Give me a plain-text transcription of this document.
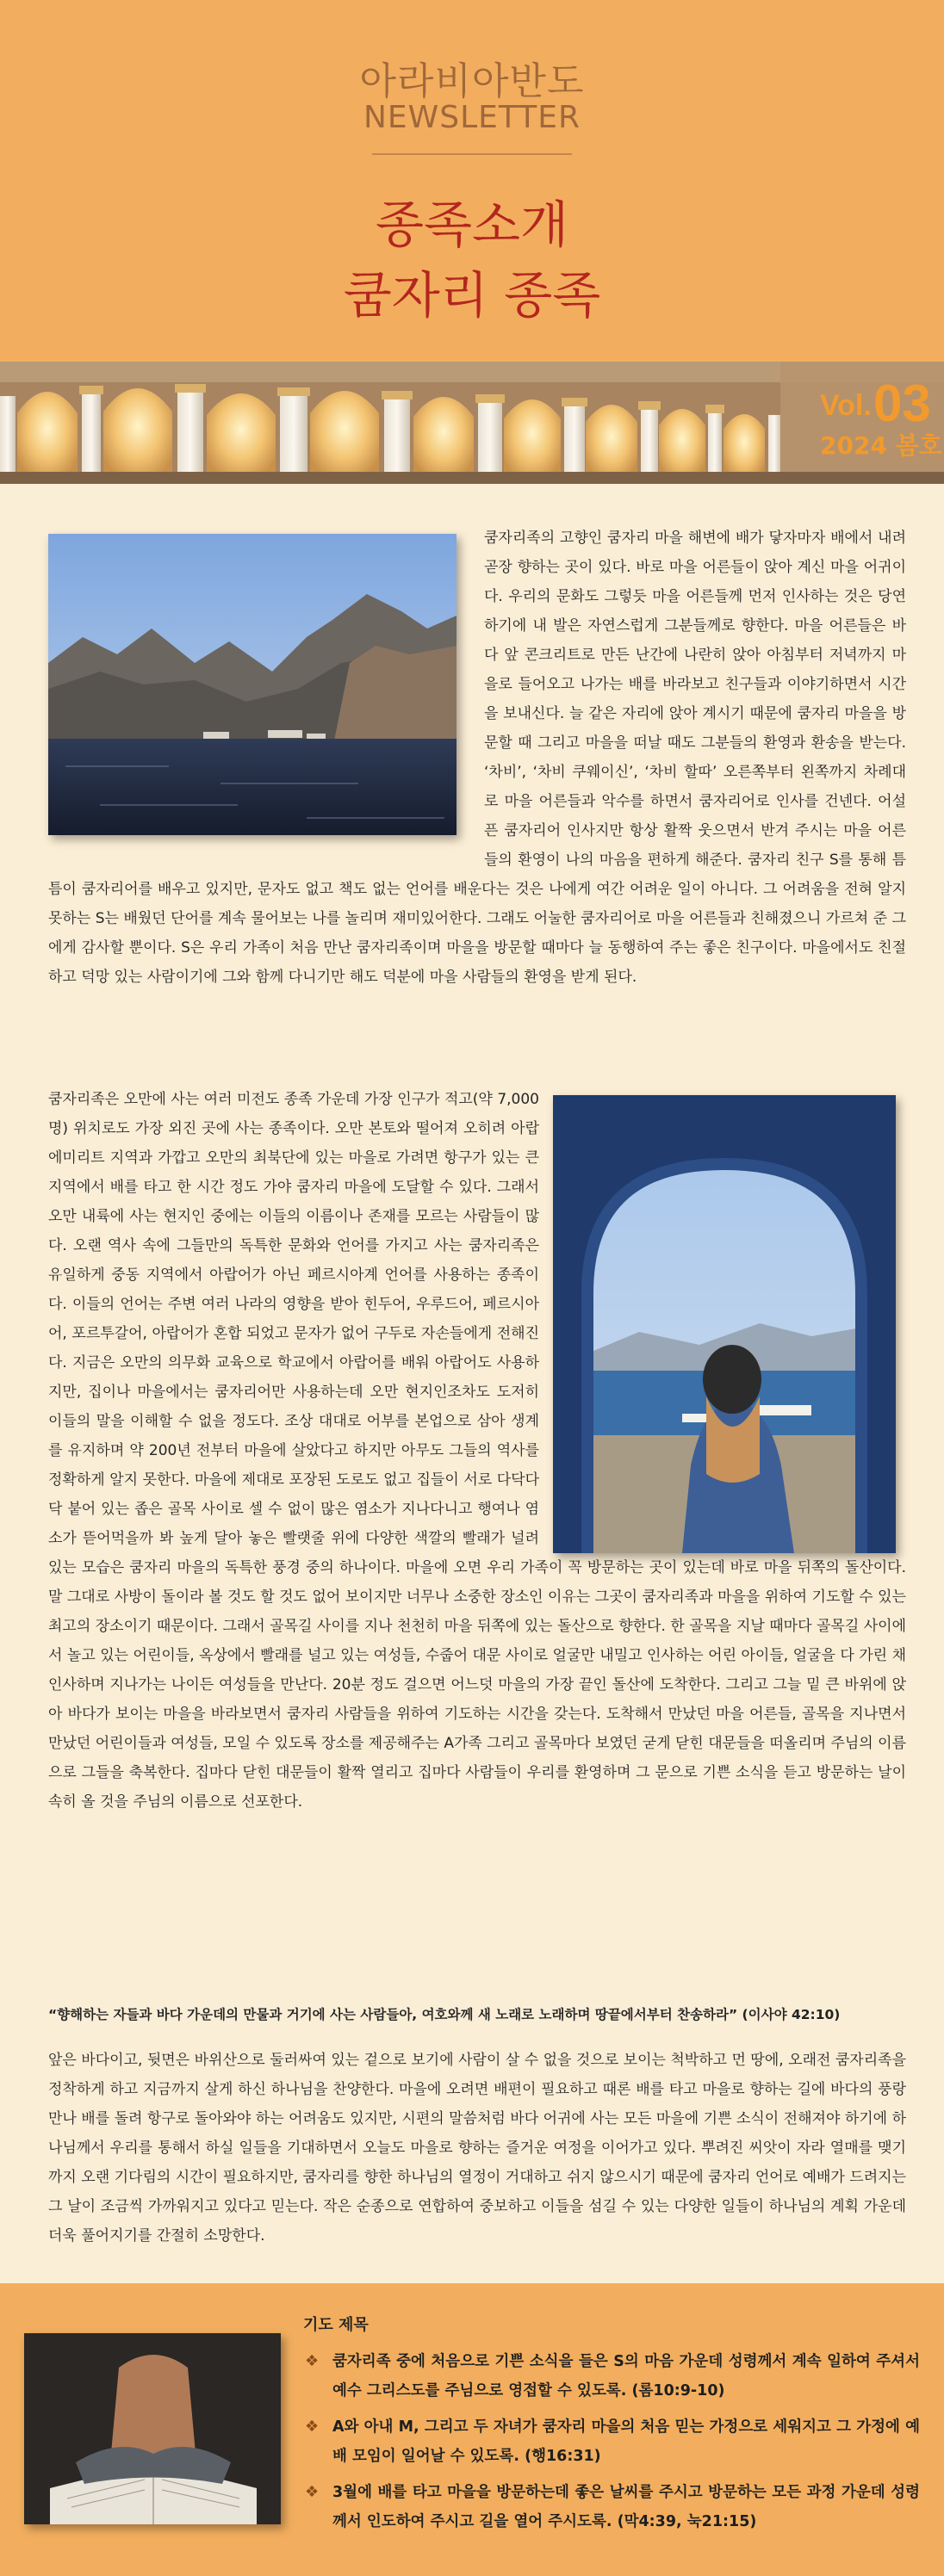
아라비아반도
NEWSLETTER
종족소개
쿰자리 종족
Vol. 03
2024 봄호

쿰자리족의 고향인 쿰자리 마을 해변에 배가 닿자마자 배에서 내려 곧장 향하는 곳이 있다. 바로 마을 어른들이 앉아 계신 마을 어귀이다. 우리의 문화도 그렇듯 마을 어른들께 먼저 인사하는 것은 당연하기에 내 발은 자연스럽게 그분들께로 향한다. 마을 어른들은 바다 앞 콘크리트로 만든 난간에 나란히 앉아 아침부터 저녁까지 마을로 들어오고 나가는 배를 바라보고 친구들과 이야기하면서 시간을 보내신다. 늘 같은 자리에 앉아 계시기 때문에 쿰자리 마을을 방문할 때 그리고 마을을 떠날 때도 그분들의 환영과 환송을 받는다. ‘차비’, ‘차비 쿠웨이신’, ‘차비 할따’ 오른쪽부터 왼쪽까지 차례대로 마을 어른들과 악수를 하면서 쿰자리어로 인사를 건넨다. 어설픈 쿰자리어 인사지만 항상 활짝 웃으면서 반겨 주시는 마을 어른들의 환영이 나의 마음을 편하게 해준다. 쿰자리 친구 S를 통해 틈틈이 쿰자리어를 배우고 있지만, 문자도 없고 책도 없는 언어를 배운다는 것은 나에게 여간 어려운 일이 아니다. 그 어려움을 전혀 알지 못하는 S는 배웠던 단어를 계속 물어보는 나를 놀리며 재미있어한다. 그래도 어눌한 쿰자리어로 마을 어른들과 친해졌으니 가르쳐 준 그에게 감사할 뿐이다. S은 우리 가족이 처음 만난 쿰자리족이며 마을을 방문할 때마다 늘 동행하여 주는 좋은 친구이다. 마을에서도 친절하고 덕망 있는 사람이기에 그와 함께 다니기만 해도 덕분에 마을 사람들의 환영을 받게 된다.

쿰자리족은 오만에 사는 여러 미전도 종족 가운데 가장 인구가 적고(약 7,000명) 위치로도 가장 외진 곳에 사는 종족이다. 오만 본토와 떨어져 오히려 아랍에미리트 지역과 가깝고 오만의 최북단에 있는 마을로 가려면 항구가 있는 큰 지역에서 배를 타고 한 시간 정도 가야 쿰자리 마을에 도달할 수 있다. 그래서 오만 내륙에 사는 현지인 중에는 이들의 이름이나 존재를 모르는 사람들이 많다. 오랜 역사 속에 그들만의 독특한 문화와 언어를 가지고 사는 쿰자리족은 유일하게 중동 지역에서 아랍어가 아닌 페르시아계 언어를 사용하는 종족이다. 이들의 언어는 주변 여러 나라의 영향을 받아 힌두어, 우루드어, 페르시아어, 포르투갈어, 아랍어가 혼합 되었고 문자가 없어 구두로 자손들에게 전해진다. 지금은 오만의 의무화 교육으로 학교에서 아랍어를 배워 아랍어도 사용하지만, 집이나 마을에서는 쿰자리어만 사용하는데 오만 현지인조차도 도저히 이들의 말을 이해할 수 없을 정도다. 조상 대대로 어부를 본업으로 삼아 생계를 유지하며 약 200년 전부터 마을에 살았다고 하지만 아무도 그들의 역사를 정확하게 알지 못한다. 마을에 제대로 포장된 도로도 없고 집들이 서로 다닥다닥 붙어 있는 좁은 골목 사이로 셀 수 없이 많은 염소가 지나다니고 행여나 염소가 뜯어먹을까 봐 높게 달아 놓은 빨랫줄 위에 다양한 색깔의 빨래가 널려 있는 모습은 쿰자리 마을의 독특한 풍경 중의 하나이다. 마을에 오면 우리 가족이 꼭 방문하는 곳이 있는데 바로 마을 뒤쪽의 돌산이다. 말 그대로 사방이 돌이라 볼 것도 할 것도 없어 보이지만 너무나 소중한 장소인 이유는 그곳이 쿰자리족과 마을을 위하여 기도할 수 있는 최고의 장소이기 때문이다. 그래서 골목길 사이를 지나 천천히 마을 뒤쪽에 있는 돌산으로 향한다. 한 골목을 지날 때마다 골목길 사이에서 놀고 있는 어린이들, 옥상에서 빨래를 널고 있는 여성들, 수줍어 대문 사이로 얼굴만 내밀고 인사하는 어린 아이들, 얼굴을 다 가린 채 인사하며 지나가는 나이든 여성들을 만난다. 20분 정도 걸으면 어느덧 마을의 가장 끝인 돌산에 도착한다. 그리고 그늘 밑 큰 바위에 앉아 바다가 보이는 마을을 바라보면서 쿰자리 사람들을 위하여 기도하는 시간을 갖는다. 도착해서 만났던 마을 어른들, 골목을 지나면서 만났던 어린이들과 여성들, 모일 수 있도록 장소를 제공해주는 A가족 그리고 골목마다 보였던 굳게 닫힌 대문들을 떠올리며 주님의 이름으로 그들을 축복한다. 집마다 닫힌 대문들이 활짝 열리고 집마다 사람들이 우리를 환영하며 그 문으로 기쁜 소식을 듣고 방문하는 날이 속히 올 것을 주님의 이름으로 선포한다.

“향해하는 자들과 바다 가운데의 만물과 거기에 사는 사람들아, 여호와께 새 노래로 노래하며 땅끝에서부터 찬송하라” (이사야 42:10)

앞은 바다이고, 뒷면은 바위산으로 둘러싸여 있는 겉으로 보기에 사람이 살 수 없을 것으로 보이는 척박하고 먼 땅에, 오래전 쿰자리족을 정착하게 하고 지금까지 살게 하신 하나님을 찬양한다. 마을에 오려면 배편이 필요하고 때론 배를 타고 마을로 향하는 길에 바다의 풍랑 만나 배를 돌려 항구로 돌아와야 하는 어려움도 있지만, 시편의 말씀처럼 바다 어귀에 사는 모든 마을에 기쁜 소식이 전해져야 하기에 하나님께서 우리를 통해서 하실 일들을 기대하면서 오늘도 마을로 향하는 즐거운 여정을 이어가고 있다. 뿌려진 씨앗이 자라 열매를 맺기까지 오랜 기다림의 시간이 필요하지만, 쿰자리를 향한 하나님의 열정이 거대하고 쉬지 않으시기 때문에 쿰자리 언어로 예배가 드려지는 그 날이 조금씩 가까워지고 있다고 믿는다. 작은 순종으로 연합하여 중보하고 이들을 섬길 수 있는 다양한 일들이 하나님의 계획 가운데 더욱 풀어지기를 간절히 소망한다.

기도 제목
❖ 쿰자리족 중에 처음으로 기쁜 소식을 들은 S의 마음 가운데 성령께서 계속 일하여 주셔서 예수 그리스도를 주님으로 영접할 수 있도록. (롬10:9-10)
❖ A와 아내 M, 그리고 두 자녀가 쿰자리 마을의 처음 믿는 가정으로 세워지고 그 가정에 예배 모임이 일어날 수 있도록. (행16:31)
❖ 3월에 배를 타고 마을을 방문하는데 좋은 날씨를 주시고 방문하는 모든 과정 가운데 성령께서 인도하여 주시고 길을 열어 주시도록. (막4:39, 눅21:15)
